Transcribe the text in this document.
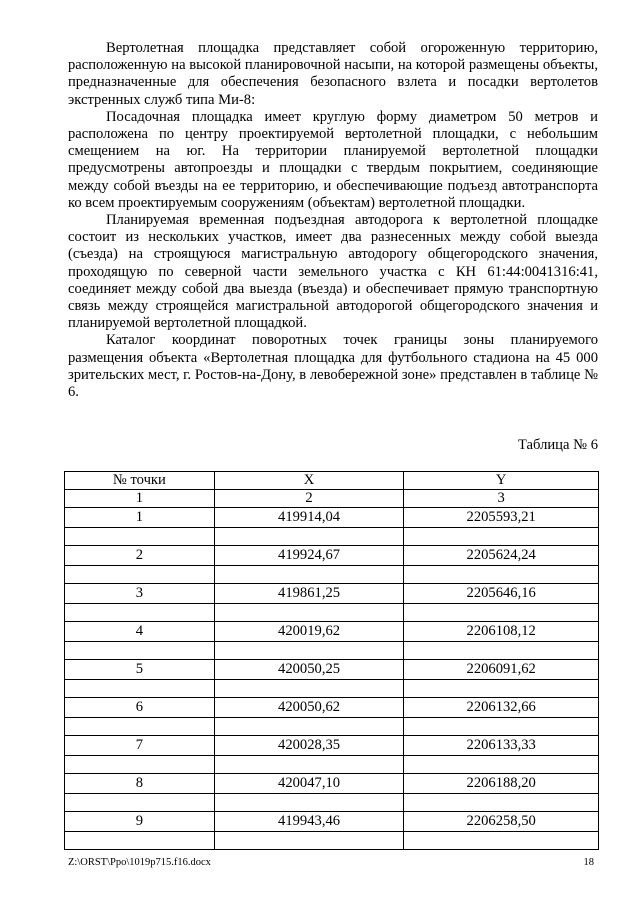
Вертолетная площадка представляет собой огороженную территорию, расположенную на высокой планировочной насыпи, на которой размещены объекты, предназначенные для обеспечения безопасного взлета и посадки вертолетов экстренных служб типа Ми-8:

Посадочная площадка имеет круглую форму диаметром 50 метров и расположена по центру проектируемой вертолетной площадки, с небольшим смещением на юг. На территории планируемой вертолетной площадки предусмотрены автопроезды и площадки с твердым покрытием, соединяющие между собой въезды на ее территорию, и обеспечивающие подъезд автотранспорта ко всем проектируемым сооружениям (объектам) вертолетной площадки.

Планируемая временная подъездная автодорога к вертолетной площадке состоит из нескольких участков, имеет два разнесенных между собой выезда (съезда) на строящуюся магистральную автодорогу общегородского значения, проходящую по северной части земельного участка с КН 61:44:0041316:41, соединяет между собой два выезда (въезда) и обеспечивает прямую транспортную связь между строящейся магистральной автодорогой общегородского значения и планируемой вертолетной площадкой.

Каталог координат поворотных точек границы зоны планируемого размещения объекта «Вертолетная площадка для футбольного стадиона на 45 000 зрительских мест, г. Ростов-на-Дону, в левобережной зоне» представлен в таблице № 6.

Таблица № 6
№ точки	X	Y
1	2	3
1	419914,04	2205593,21

2	419924,67	2205624,24

3	419861,25	2205646,16

4	420019,62	2206108,12

5	420050,25	2206091,62

6	420050,62	2206132,66

7	420028,35	2206133,33

8	420047,10	2206188,20

9	419943,46	2206258,50

Z:\ORST\Ppo\1019p715.f16.docx	18
